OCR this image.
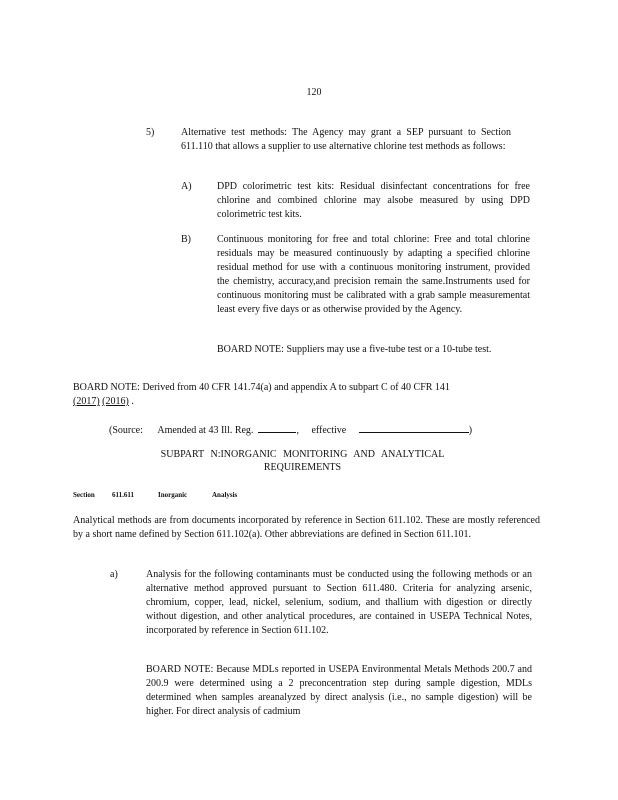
120

5)	Alternative test methods: The Agency may grant a SEP pursuant to Section 611.110 that allows a supplier to use alternative chlorine test methods as follows:

A)	DPD colorimetric test kits: Residual disinfectant concentrations for free chlorine and combined chlorine may alsobe measured by using DPD colorimetric test kits.

B)	Continuous monitoring for free and total chlorine: Free and total chlorine residuals may be measured continuously by adapting a specified chlorine residual method for use with a continuous monitoring instrument, provided the chemistry, accuracy,and precision remain the same.Instruments used for continuous monitoring must be calibrated with a grab sample measurementat least every five days or as otherwise provided by the Agency.

BOARD NOTE: Suppliers may use a five-tube test or a 10-tube test.

BOARD NOTE: Derived from 40 CFR 141.74(a) and appendix A to subpart C of 40 CFR 141

(2017) (2016) .

(Source: Amended at 43 Ill. Reg.	, effective	)

SUBPART N:INORGANIC MONITORING AND ANALYTICAL

REQUIREMENTS

Section 611.611	Inorganic	Analysis

Analytical methods are from documents incorporated by reference in Section 611.102. These are mostly referenced by a short name defined by Section 611.102(a). Other abbreviations are defined in Section 611.101.

a)	Analysis for the following contaminants must be conducted using the following methods or an alternative method approved pursuant to Section 611.480. Criteria for analyzing arsenic, chromium, copper, lead, nickel, selenium, sodium, and thallium with digestion or directly without digestion, and other analytical procedures, are contained in USEPA Technical Notes, incorporated by reference in Section 611.102.

BOARD NOTE: Because MDLs reported in USEPA Environmental Metals Methods 200.7 and 200.9 were determined using a 2 preconcentration step during sample digestion, MDLs determined when samples areanalyzed by direct analysis (i.e., no sample digestion) will be higher. For direct analysis of cadmium
